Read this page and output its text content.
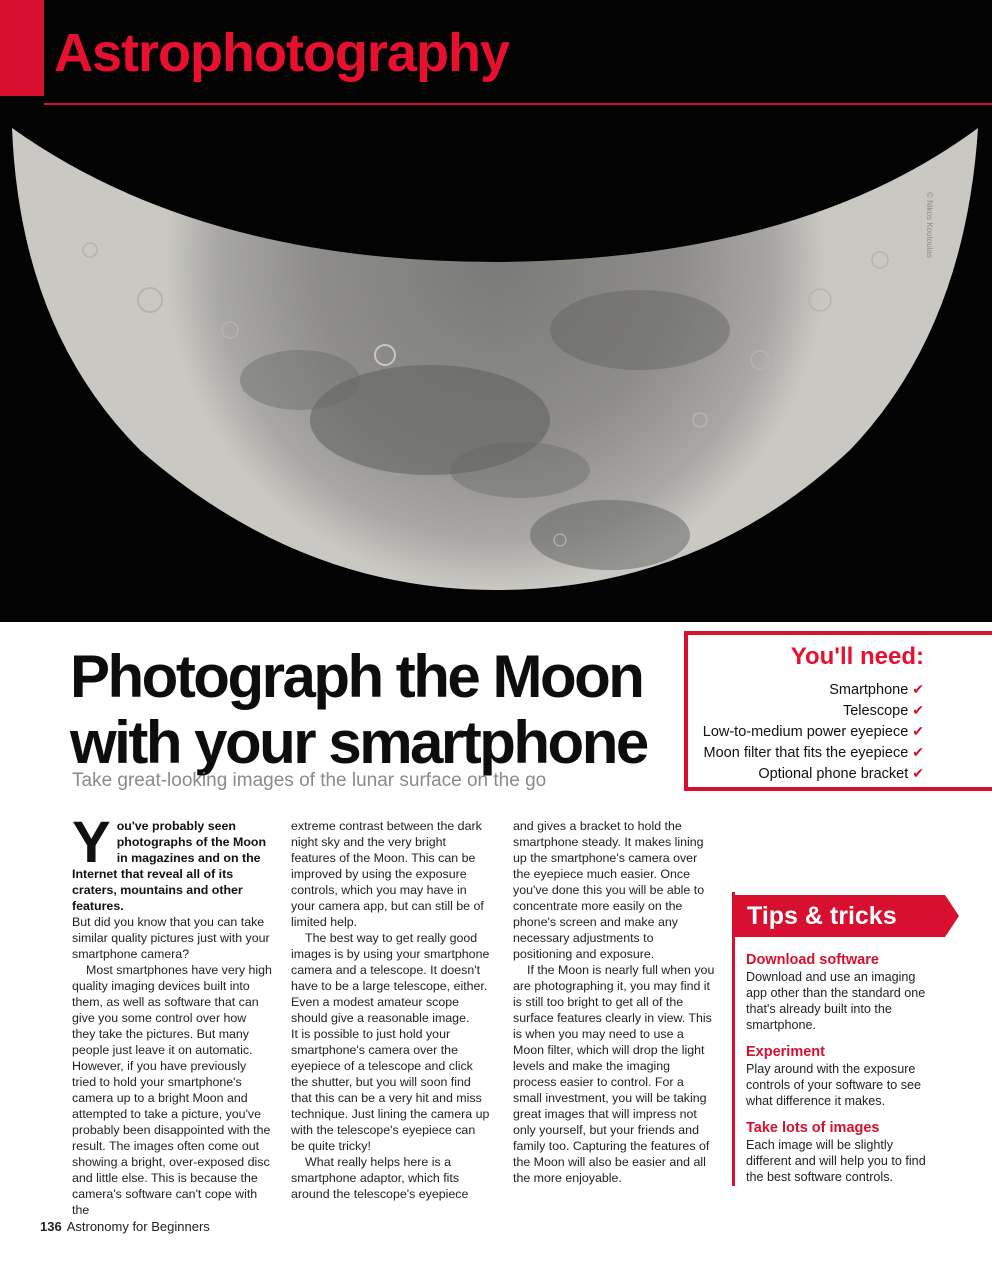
Astrophotography
© Nikos Koutoulas
Photograph the Moon
with your smartphone
Take great-looking images of the lunar surface on the go
You'll need:
Smartphone ✔
Telescope ✔
Low-to-medium power eyepiece ✔
Moon filter that fits the eyepiece ✔
Optional phone bracket ✔

You've probably seen photographs of the Moon in magazines and on the Internet that reveal all of its craters, mountains and other features.

But did you know that you can take similar quality pictures just with your smartphone camera?

Most smartphones have very high quality imaging devices built into them, as well as software that can give you some control over how they take the pictures. But many people just leave it on automatic. However, if you have previously tried to hold your smartphone's camera up to a bright Moon and attempted to take a picture, you've probably been disappointed with the result. The images often come out showing a bright, over-exposed disc and little else. This is because the camera's software can't cope with the

extreme contrast between the dark night sky and the very bright features of the Moon. This can be improved by using the exposure controls, which you may have in your camera app, but can still be of limited help.

The best way to get really good images is by using your smartphone camera and a telescope. It doesn't have to be a large telescope, either. Even a modest amateur scope should give a reasonable image.

It is possible to just hold your smartphone's camera over the eyepiece of a telescope and click the shutter, but you will soon find that this can be a very hit and miss technique. Just lining the camera up with the telescope's eyepiece can be quite tricky!

What really helps here is a smartphone adaptor, which fits around the telescope's eyepiece

and gives a bracket to hold the smartphone steady. It makes lining up the smartphone's camera over the eyepiece much easier. Once you've done this you will be able to concentrate more easily on the phone's screen and make any necessary adjustments to positioning and exposure.

If the Moon is nearly full when you are photographing it, you may find it is still too bright to get all of the surface features clearly in view. This is when you may need to use a Moon filter, which will drop the light levels and make the imaging process easier to control. For a small investment, you will be taking great images that will impress not only yourself, but your friends and family too. Capturing the features of the Moon will also be easier and all the more enjoyable.

Tips & tricks
Download software
Download and use an imaging app other than the standard one that's already built into the smartphone.
Experiment
Play around with the exposure controls of your software to see what difference it makes.
Take lots of images
Each image will be slightly different and will help you to find the best software controls.
136 Astronomy for Beginners
